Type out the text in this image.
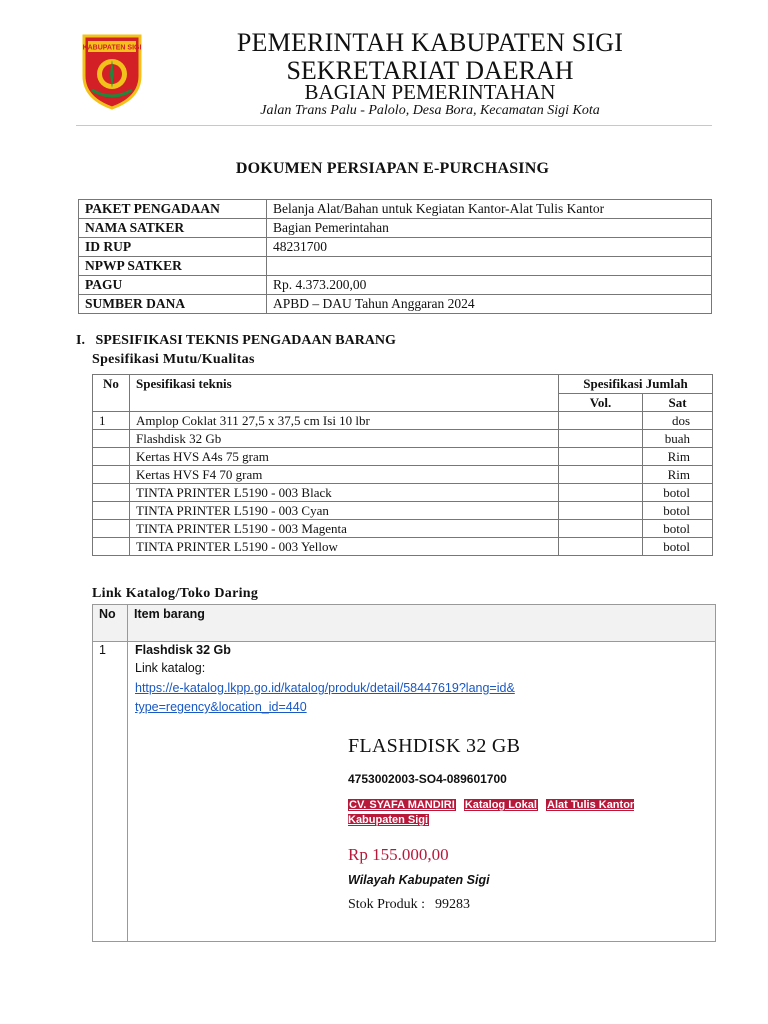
KABUPATEN SIGI	PEMERINTAH KABUPATEN SIGI
SEKRETARIAT DAERAH
BAGIAN PEMERINTAHAN
Jalan Trans Palu - Palolo, Desa Bora, Kecamatan Sigi Kota
DOKUMEN PERSIAPAN E-PURCHASING
PAKET PENGADAAN	Belanja Alat/Bahan untuk Kegiatan Kantor-Alat Tulis Kantor
NAMA SATKER	Bagian Pemerintahan
ID RUP	48231700
NPWP SATKER	
PAGU	Rp. 4.373.200,00
SUMBER DANA	APBD – DAU Tahun Anggaran 2024
I. SPESIFIKASI TEKNIS PENGADAAN BARANG
Spesifikasi Mutu/Kualitas
No	Spesifikasi teknis	Spesifikasi Jumlah	
		Vol.	Sat
1	Amplop Coklat 311 27,5 x 37,5 cm Isi 10 lbr		dos
	Flashdisk 32 Gb		buah
	Kertas HVS A4s 75 gram		Rim
	Kertas HVS F4 70 gram		Rim
	TINTA PRINTER L5190 - 003 Black		botol
	TINTA PRINTER L5190 - 003 Cyan		botol
	TINTA PRINTER L5190 - 003 Magenta		botol
	TINTA PRINTER L5190 - 003 Yellow		botol
Link Katalog/Toko Daring
No Item barang
1 Flashdisk 32 Gb
Link katalog:
https://e-katalog.lkpp.go.id/katalog/produk/detail/58447619?lang=id&type=regency&location_id=440
FLASHDISK 32 GB
4753002003-SO4-089601700
CV. SYAFA MANDIRI Katalog Lokal Alat Tulis Kantor Kabupaten Sigi
Rp 155.000,00
Wilayah Kabupaten Sigi
Stok Produk : 99283
